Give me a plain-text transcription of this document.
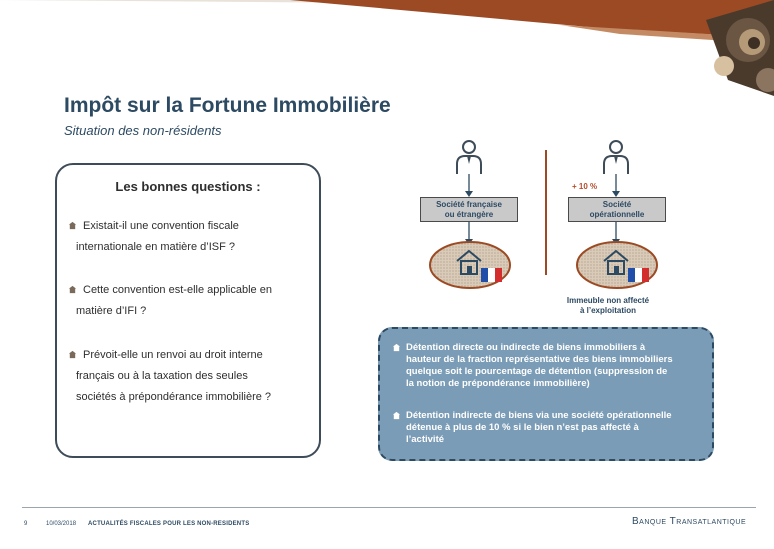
Impôt sur la Fortune Immobilière
Situation des non-résidents
Les bonnes questions :
Existait-il une convention fiscale
internationale en matière d’ISF ?
Cette convention est-elle applicable en
matière d’IFI ?
Prévoit-elle un renvoi au droit interne
français ou à la taxation des seules
sociétés à prépondérance immobilière ?
Société française
ou étrangère
Société
opérationnelle
+ 10 %
Immeuble non affecté
à l’exploitation
Détention directe ou indirecte de biens immobiliers à
hauteur de la fraction représentative des biens immobiliers
quelque soit le pourcentage de détention (suppression de
la notion de prépondérance immobilière)
Détention indirecte de biens via une société opérationnelle
détenue à plus de 10 % si le bien n’est pas affecté à
l’activité
9	10/03/2018 ACTUALITÉS FISCALES POUR LES NON-RESIDENTS	Banque Transatlantique
